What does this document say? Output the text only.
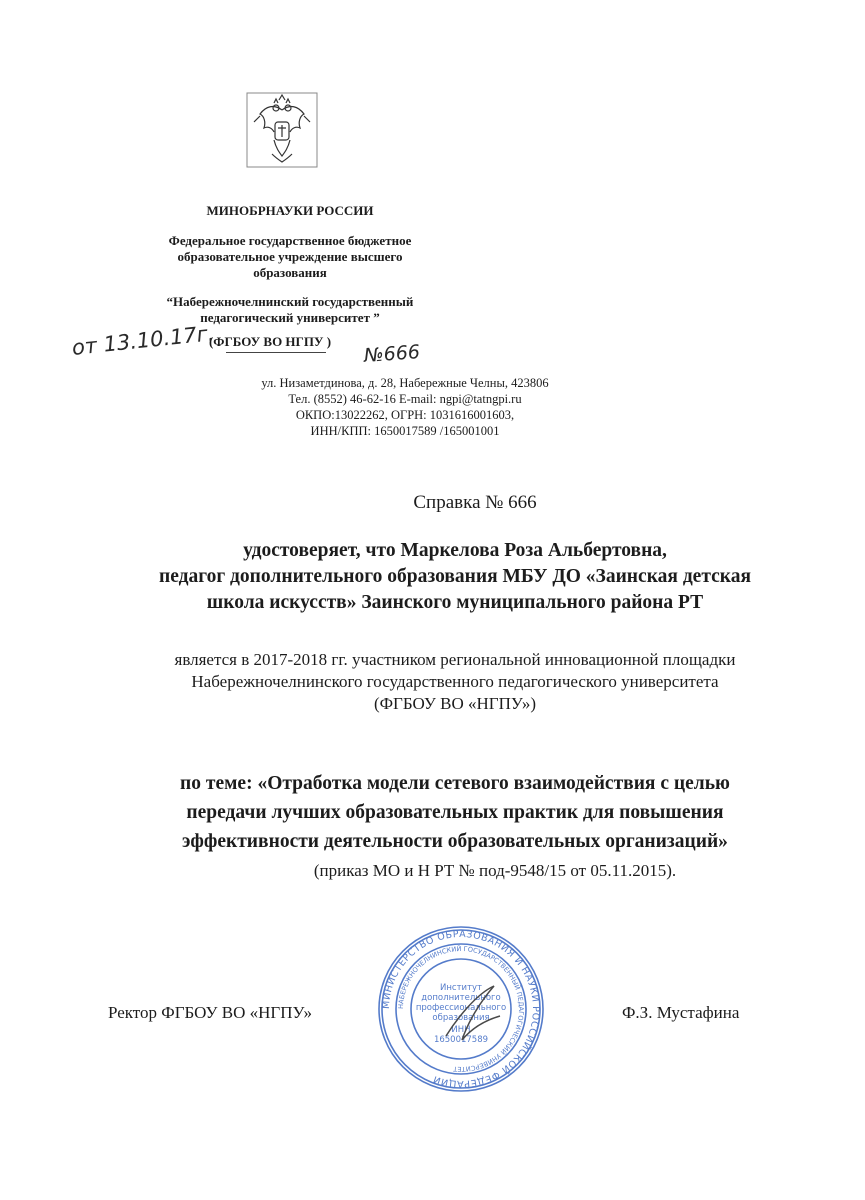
МИНОБРНАУКИ РОССИИ
Федеральное государственное бюджетное
образовательное учреждение высшего
образования
“Набережночелнинский государственный
педагогический университет ”
(ФГБОУ ВО НГПУ )
от 13.10.17г.	№666
ул. Низаметдинова, д. 28, Набережные Челны, 423806
Тел. (8552) 46-62-16 E-mail: ngpi@tatngpi.ru
ОКПО:13022262, ОГРН: 1031616001603,
ИНН/КПП: 1650017589 /165001001
Справка № 666
удостоверяет, что Маркелова Роза Альбертовна,
педагог дополнительного образования МБУ ДО «Заинская детская
школа искусств» Заинского муниципального района РТ
является в 2017-2018 гг. участником региональной инновационной площадки
Набережночелнинского государственного педагогического университета
(ФГБОУ ВО «НГПУ»)
по теме: «Отработка модели сетевого взаимодействия с целью
передачи лучших образовательных практик для повышения
эффективности деятельности образовательных организаций»
(приказ МО и Н РТ № под-9548/15 от 05.11.2015).
Ректор ФГБОУ ВО «НГПУ»	Ф.З. Мустафина
МИНИСТЕРСТВО ОБРАЗОВАНИЯ И НАУКИ РОССИЙСКОЙ ФЕДЕРАЦИИ
НАБЕРЕЖНОЧЕЛНИНСКИЙ ГОСУДАРСТВЕННЫЙ ПЕДАГОГИЧЕСКИЙ УНИВЕРСИТЕТ
Институт
дополнительного
профессионального
образования
ИНН
1650017589
